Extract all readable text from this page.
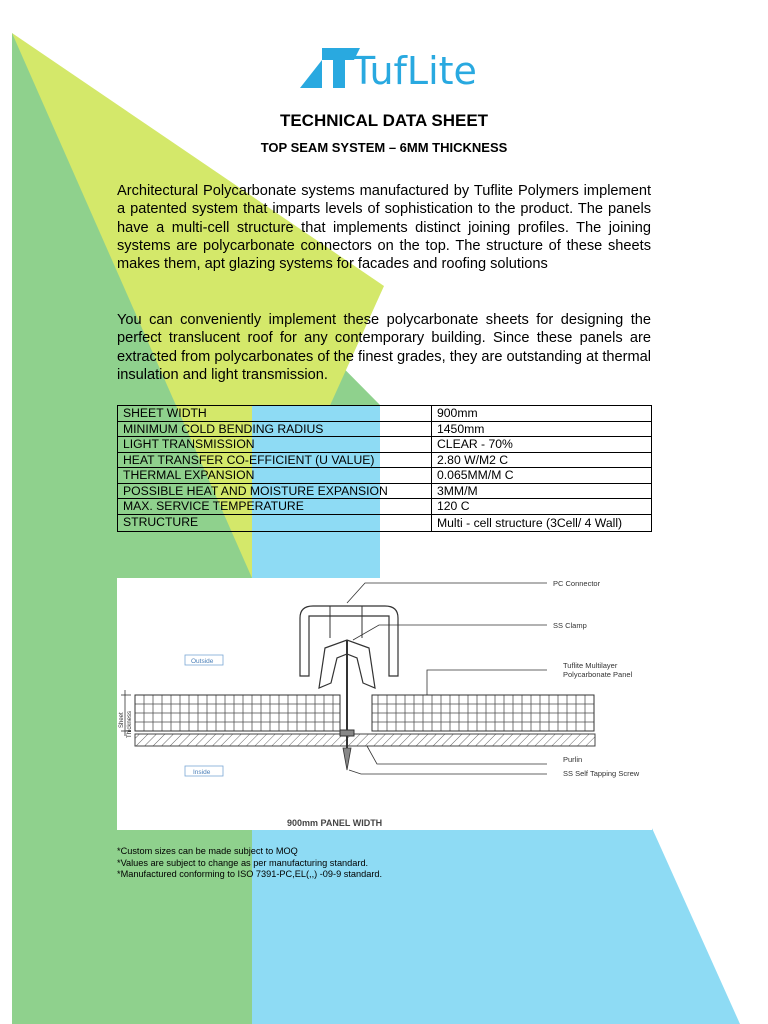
TufLite
TECHNICAL DATA SHEET
TOP SEAM SYSTEM – 6MM THICKNESS

Architectural Polycarbonate systems manufactured by Tuflite Polymers implement a patented system that imparts levels of sophistication to the product. The panels have a multi-cell structure that implements distinct joining profiles. The joining systems are polycarbonate connectors on the top. The structure of these sheets makes them, apt glazing systems for facades and roofing solutions

You can conveniently implement these polycarbonate sheets for designing the perfect translucent roof for any contemporary building. Since these panels are extracted from polycarbonates of the finest grades, they are outstanding at thermal insulation and light transmission.

SHEET WIDTH	900mm
MINIMUM COLD BENDING RADIUS	1450mm
LIGHT TRANSMISSION	CLEAR - 70%
HEAT TRANSFER CO-EFFICIENT (U VALUE)	2.80 W/M2 C
THERMAL EXPANSION	0.065MM/M C
POSSIBLE HEAT AND MOISTURE EXPANSION	3MM/M
MAX. SERVICE TEMPERATURE	120 C
STRUCTURE	Multi - cell structure (3Cell/ 4 Wall)
PC Connector
SS Clamp
Tuflite Multilayer
Polycarbonate Panel
Purlin
SS Self Tapping Screw
Outside
Inside
Sheet Thickness
900mm PANEL WIDTH
*Custom sizes can be made subject to MOQ
*Values are subject to change as per manufacturing standard.
*Manufactured conforming to ISO 7391-PC,EL(,,) -09-9 standard.
